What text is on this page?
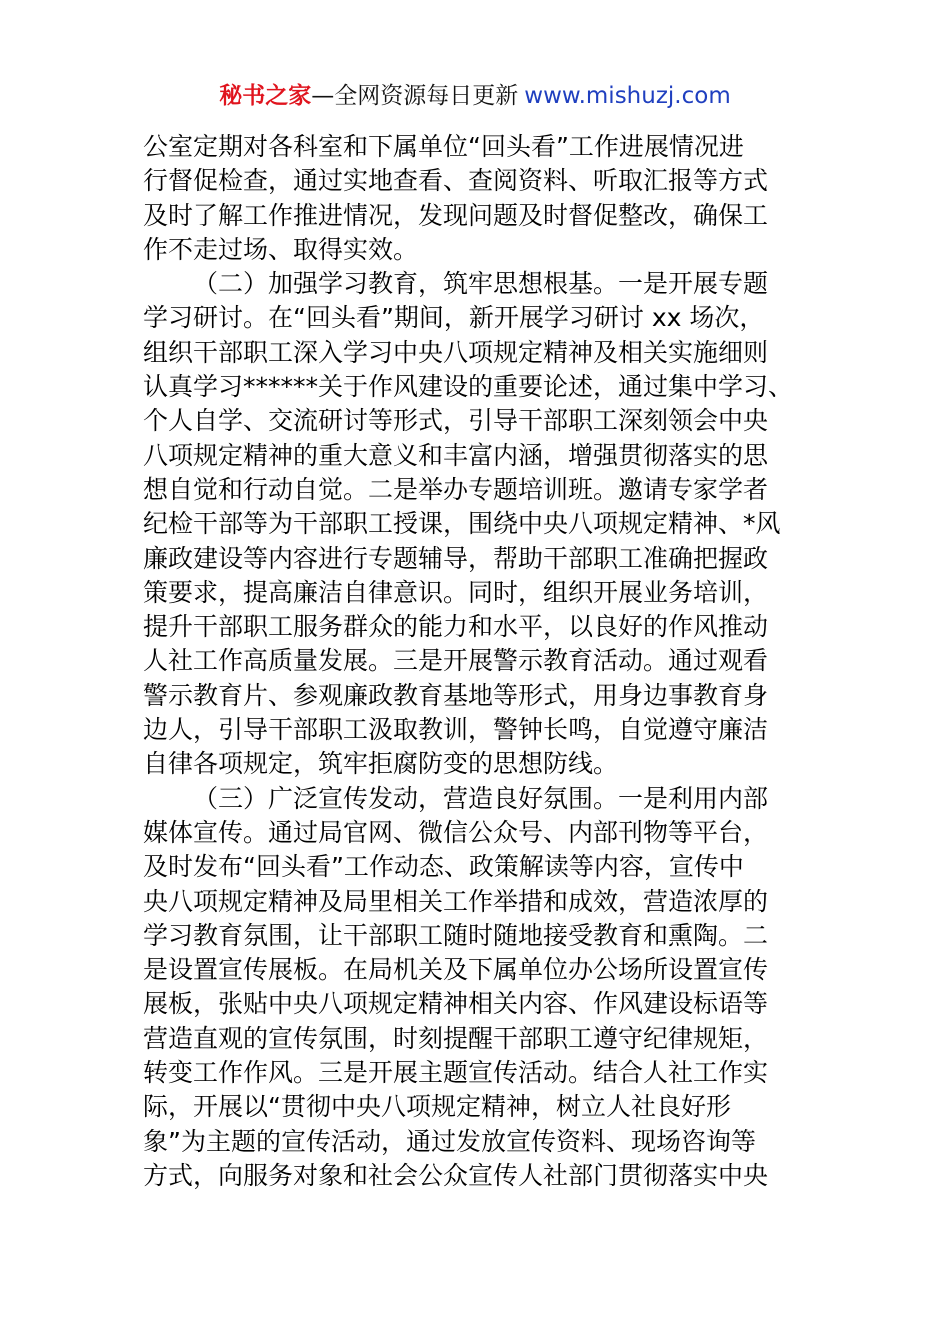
秘书之家—全网资源每日更新 www.mishuzj.com

公室定期对各科室和下属单位“回头看”工作进展情况进
行督促检查，通过实地查看、查阅资料、听取汇报等方式
及时了解工作推进情况，发现问题及时督促整改，确保工
作不走过场、取得实效。

（二）加强学习教育，筑牢思想根基。一是开展专题
学习研讨。在“回头看”期间，新开展学习研讨 xx 场次，
组织干部职工深入学习中央八项规定精神及相关实施细则
认真学习******关于作风建设的重要论述，通过集中学习、
个人自学、交流研讨等形式，引导干部职工深刻领会中央
八项规定精神的重大意义和丰富内涵，增强贯彻落实的思
想自觉和行动自觉。二是举办专题培训班。邀请专家学者
纪检干部等为干部职工授课，围绕中央八项规定精神、*风
廉政建设等内容进行专题辅导，帮助干部职工准确把握政
策要求，提高廉洁自律意识。同时，组织开展业务培训，
提升干部职工服务群众的能力和水平，以良好的作风推动
人社工作高质量发展。三是开展警示教育活动。通过观看
警示教育片、参观廉政教育基地等形式，用身边事教育身
边人，引导干部职工汲取教训，警钟长鸣，自觉遵守廉洁
自律各项规定，筑牢拒腐防变的思想防线。

（三）广泛宣传发动，营造良好氛围。一是利用内部
媒体宣传。通过局官网、微信公众号、内部刊物等平台，
及时发布“回头看”工作动态、政策解读等内容，宣传中
央八项规定精神及局里相关工作举措和成效，营造浓厚的
学习教育氛围，让干部职工随时随地接受教育和熏陶。二
是设置宣传展板。在局机关及下属单位办公场所设置宣传
展板，张贴中央八项规定精神相关内容、作风建设标语等
营造直观的宣传氛围，时刻提醒干部职工遵守纪律规矩，
转变工作作风。三是开展主题宣传活动。结合人社工作实
际，开展以“贯彻中央八项规定精神，树立人社良好形
象”为主题的宣传活动，通过发放宣传资料、现场咨询等
方式，向服务对象和社会公众宣传人社部门贯彻落实中央
